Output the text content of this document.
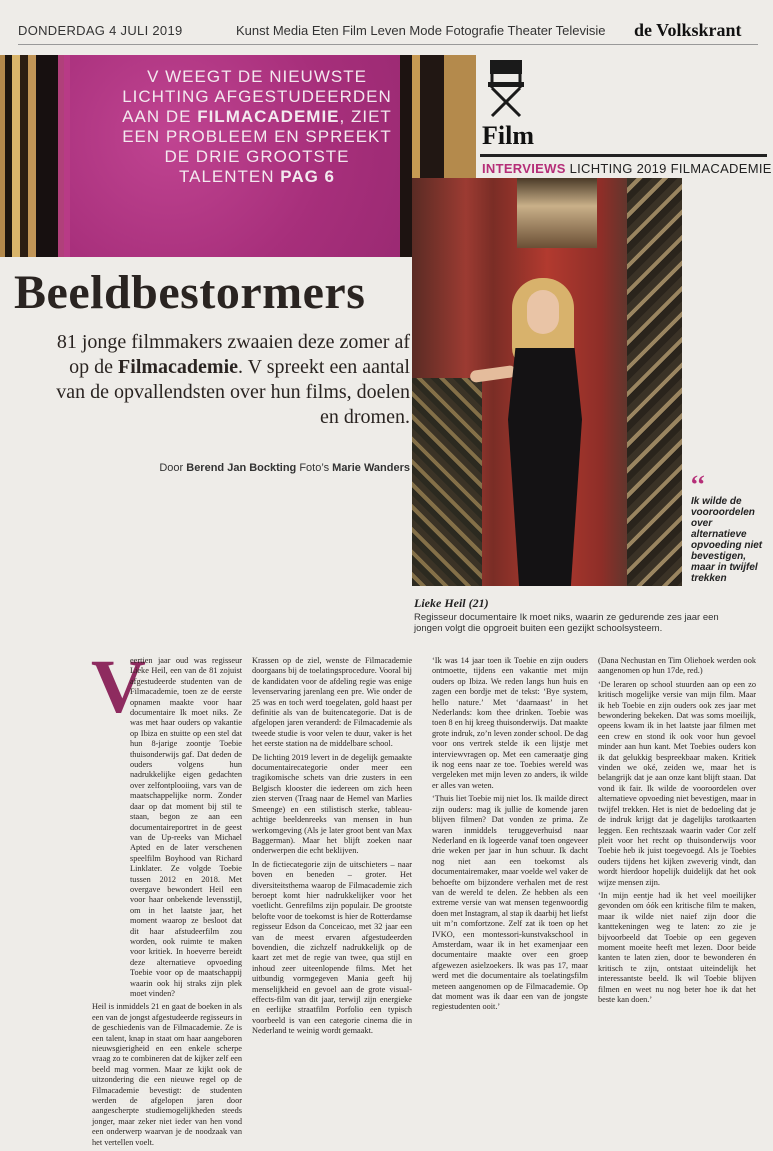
DONDERDAG 4 JULI 2019	Kunst Media Eten Film Leven Mode Fotografie Theater Televisie de Volkskrant
V WEEGT DE NIEUWSTE
LICHTING AFGESTUDEERDEN
AAN DE FILMACADEMIE, ZIET
EEN PROBLEEM EN SPREEKT
DE DRIE GROOTSTE
TALENTEN PAG 6
Film
INTERVIEWS LICHTING 2019 FILMACADEMIE
Beeldbestormers

81 jonge filmmakers zwaaien deze zomer af op de Filmacademie. V spreekt een aantal van de opvallendsten over hun films, doelen en dromen.

Door Berend Jan Bockting Foto’s Marie Wanders

‘‘
Ik wilde de vooroordelen over alternatieve opvoeding niet bevestigen, maar in twijfel trekken
Lieke Heil (21)
Regisseur documentaire Ik moet niks, waarin ze gedurende zes jaar een jongen volgt die opgroeit buiten een gezijkt schoolsysteem.
V

eertien jaar oud was regisseur Lieke Heil, een van de 81 zojuist afgestudeerde studenten van de Filmacademie, toen ze de eerste opnamen maakte voor haar documentaire Ik moet niks. Ze was met haar ouders op vakantie op Ibiza en stuitte op een stel dat hun 8-jarige zoontje Toebie thuisonderwijs gaf. Dat deden de ouders volgens hun nadrukkelijke eigen gedachten over zelfontplooiing, vars van de maatschappelijke norm. Zonder daar op dat moment bij stil te staan, begon ze aan een documentaireportret in de geest van de Up-reeks van Michael Apted en de later verschenen speelfilm Boyhood van Richard Linklater. Ze volgde Toebie tussen 2012 en 2018. Met overgave bewondert Heil een voor haar onbekende levensstijl, om in het laatste jaar, het moment waarop ze besloot dat dit haar afstudeerfilm zou worden, ook ruimte te maken voor kritiek. In hoeverre bereidt deze alternatieve opvoeding Toebie voor op de maatschappij waarin ook hij straks zijn plek moet vinden?

Heil is inmiddels 21 en gaat de boeken in als een van de jongst afgestudeerde regisseurs in de geschiedenis van de Filmacademie. Ze is een talent, knap in staat om haar aangeboren nieuwsgierigheid en een enkele scherpe vraag zo te combineren dat de kijker zelf een beeld mag vormen. Maar ze kijkt ook de uitzondering die een nieuwe regel op de Filmacademie bevestigt: de studenten werden de afgelopen jaren door aangescherpte studiemogelijkheden steeds jonger, maar zeker niet ieder van hen vond een onderwerp waarvan je de noodzaak van het vertellen voelt.

Krassen op de ziel, wenste de Filmacademie doorgaans bij de toelatingsprocedure. Vooral bij de kandidaten voor de afdeling regie was enige levenservaring jarenlang een pre. Wie onder de 25 was en toch werd toegelaten, gold haast per definitie als van de buitencategorie. Dat is de afgelopen jaren veranderd: de Filmacademie als tweede studie is voor velen te duur, vaker is het het eerste station na de middelbare school.

De lichting 2019 levert in de degelijk gemaakte documentairecategorie onder meer een tragikomische schets van drie zusters in een Belgisch klooster die iedereen om zich heen zien sterven (Traag naar de Hemel van Marlies Smeenge) en een stilistisch sterke, tableau-achtige beeldenreeks van mensen in hun werkomgeving (Als je later groot bent van Max Baggerman). Maar het blijft zoeken naar onderwerpen die echt beklijven.

In de fictiecategorie zijn de uitschieters – naar boven en beneden – groter. Het diversiteitsthema waarop de Filmacademie zich beroept komt hier nadrukkelijker voor het voetlicht. Genrefilms zijn populair. De grootste belofte voor de toekomst is hier de Rotterdamse regisseur Edson da Conceicao, met 32 jaar een van de meest ervaren afgestudeerden bovendien, die zichzelf nadrukkelijk op de kaart zet met de regie van twee, qua stijl en inhoud zeer uiteenlopende films. Met het uitbundig vormgegeven Mania geeft hij menselijkheid en gevoel aan de grote visual-effects-film van dit jaar, terwijl zijn energieke en eerlijke straatfilm Porfolio een typisch voorbeeld is van een categorie cinema die in Nederland te weinig wordt gemaakt.

‘Ik was 14 jaar toen ik Toebie en zijn ouders ontmoette, tijdens een vakantie met mijn ouders op Ibiza. We reden langs hun huis en zagen een bordje met de tekst: ‘Bye system, hello nature.’ Met ‘daarnaast’ in het Nederlands: kom thee drinken. Toebie was toen 8 en hij kreeg thuisonderwijs. Dat maakte grote indruk, zo’n leven zonder school. De dag voor ons vertrek stelde ik een lijstje met interviewvragen op. Met een cameraatje ging ik nog eens naar ze toe. Toebies wereld was vergeleken met mijn leven zo anders, ik wilde er alles van weten.

‘Thuis liet Toebie mij niet los. Ik mailde direct zijn ouders: mag ik jullie de komende jaren blijven filmen? Dat vonden ze prima. Ze waren inmiddels teruggeverhuisd naar Nederland en ik logeerde vanaf toen ongeveer drie weken per jaar in hun schuur. Ik dacht nog niet aan een toekomst als documentairemaker, maar voelde wel vaker de behoefte om bijzondere verhalen met de rest van de wereld te delen. Ze hebben als een extreme versie van wat mensen tegenwoordig doen met Instagram, al stap ik daarbij het liefst uit m’n comfortzone. Zelf zat ik toen op het IVKO, een montessori-kunstvakschool in Amsterdam, waar ik in het examenjaar een documentaire maakte over een groep afgewezen asielzoekers. Ik was pas 17, maar werd met die documentaire als toelatingsfilm meteen aangenomen op de Filmacademie. Op dat moment was ik daar een van de jongste regiestudenten ooit.’

(Dana Nechustan en Tim Oliehoek werden ook aangenomen op hun 17de, red.)

‘De leraren op school stuurden aan op een zo kritisch mogelijke versie van mijn film. Maar ik heb Toebie en zijn ouders ook zes jaar met bewondering bekeken. Dat was soms moeilijk, opeens kwam ik in het laatste jaar filmen met een crew en stond ik ook voor hun gevoel minder aan hun kant. Met Toebies ouders kon ik dat gelukkig bespreekbaar maken. Kritiek vinden we oké, zeiden we, maar het is belangrijk dat je aan onze kant blijft staan. Dat vond ik fair. Ik wilde de vooroordelen over alternatieve opvoeding niet bevestigen, maar in twijfel trekken. Het is niet de bedoeling dat je de indruk krijgt dat je dagelijks tarotkaarten leggen. Een rechtszaak waarin vader Cor zelf pleit voor het recht op thuisonderwijs voor Toebie heb ik juist toegevoegd. Als je Toebies ouders tijdens het kijken zweverig vindt, dan wordt hierdoor hopelijk duidelijk dat het ook wijze mensen zijn.

‘In mijn eentje had ik het veel moeilijker gevonden om óók een kritische film te maken, maar ik wilde niet naief zijn door die kanttekeningen weg te laten: zo zie je bijvoorbeeld dat Toebie op een gegeven moment moeite heeft met lezen. Door beide kanten te laten zien, door te bewonderen én kritisch te zijn, ontstaat uiteindelijk het interessantste beeld. Ik wil Toebie blijven filmen en weet nu nog beter hoe ik dat het beste kan doen.’
